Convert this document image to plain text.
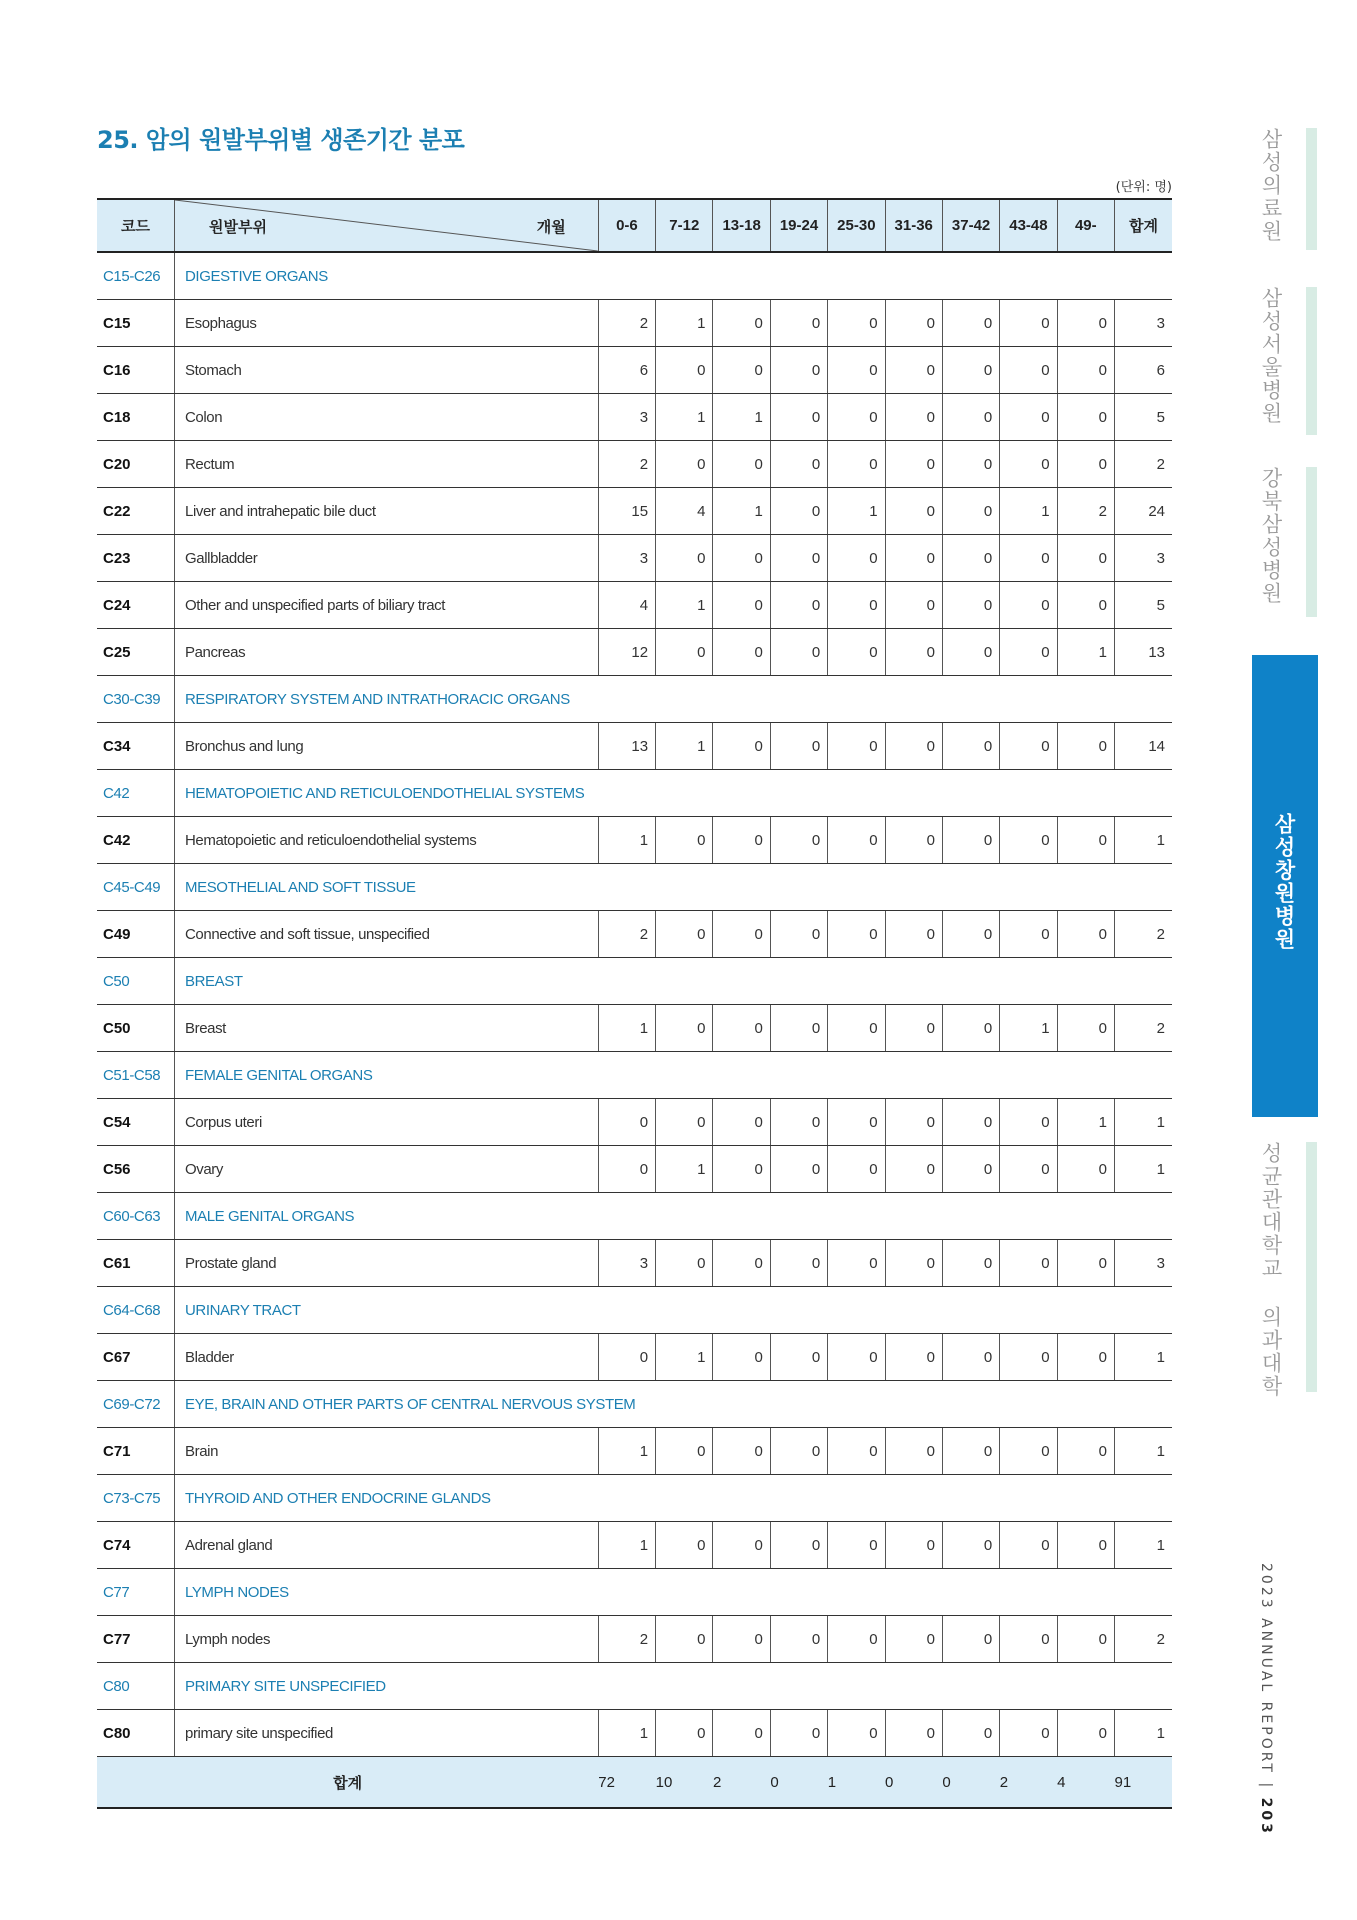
25. 암의 원발부위별 생존기간 분포
(단위: 명)
코드	원발부위 개월	0-6	7-12	13-18	19-24	25-30	31-36	37-42	43-48	49-	합계
C15-C26	DIGESTIVE ORGANS										
C15	Esophagus	2	1	0	0	0	0	0	0	0	3
C16	Stomach	6	0	0	0	0	0	0	0	0	6
C18	Colon	3	1	1	0	0	0	0	0	0	5
C20	Rectum	2	0	0	0	0	0	0	0	0	2
C22	Liver and intrahepatic bile duct	15	4	1	0	1	0	0	1	2	24
C23	Gallbladder	3	0	0	0	0	0	0	0	0	3
C24	Other and unspecified parts of biliary tract	4	1	0	0	0	0	0	0	0	5
C25	Pancreas	12	0	0	0	0	0	0	0	1	13
C30-C39	RESPIRATORY SYSTEM AND INTRATHORACIC ORGANS										
C34	Bronchus and lung	13	1	0	0	0	0	0	0	0	14
C42	HEMATOPOIETIC AND RETICULOENDOTHELIAL SYSTEMS										
C42	Hematopoietic and reticuloendothelial systems	1	0	0	0	0	0	0	0	0	1
C45-C49	MESOTHELIAL AND SOFT TISSUE										
C49	Connective and soft tissue, unspecified	2	0	0	0	0	0	0	0	0	2
C50	BREAST										
C50	Breast	1	0	0	0	0	0	0	1	0	2
C51-C58	FEMALE GENITAL ORGANS										
C54	Corpus uteri	0	0	0	0	0	0	0	0	1	1
C56	Ovary	0	1	0	0	0	0	0	0	0	1
C60-C63	MALE GENITAL ORGANS										
C61	Prostate gland	3	0	0	0	0	0	0	0	0	3
C64-C68	URINARY TRACT										
C67	Bladder	0	1	0	0	0	0	0	0	0	1
C69-C72	EYE, BRAIN AND OTHER PARTS OF CENTRAL NERVOUS SYSTEM										
C71	Brain	1	0	0	0	0	0	0	0	0	1
C73-C75	THYROID AND OTHER ENDOCRINE GLANDS										
C74	Adrenal gland	1	0	0	0	0	0	0	0	0	1
C77	LYMPH NODES										
C77	Lymph nodes	2	0	0	0	0	0	0	0	0	2
C80	PRIMARY SITE UNSPECIFIED										
C80	primary site unspecified	1	0	0	0	0	0	0	0	0	1
합계		72	10	2	0	1	0	0	2	4	91
삼성의료원
삼성서울병원
강북삼성병원
삼성창원병원
성균관대학교 의과대학
2023 ANNUAL REPORT | 203
